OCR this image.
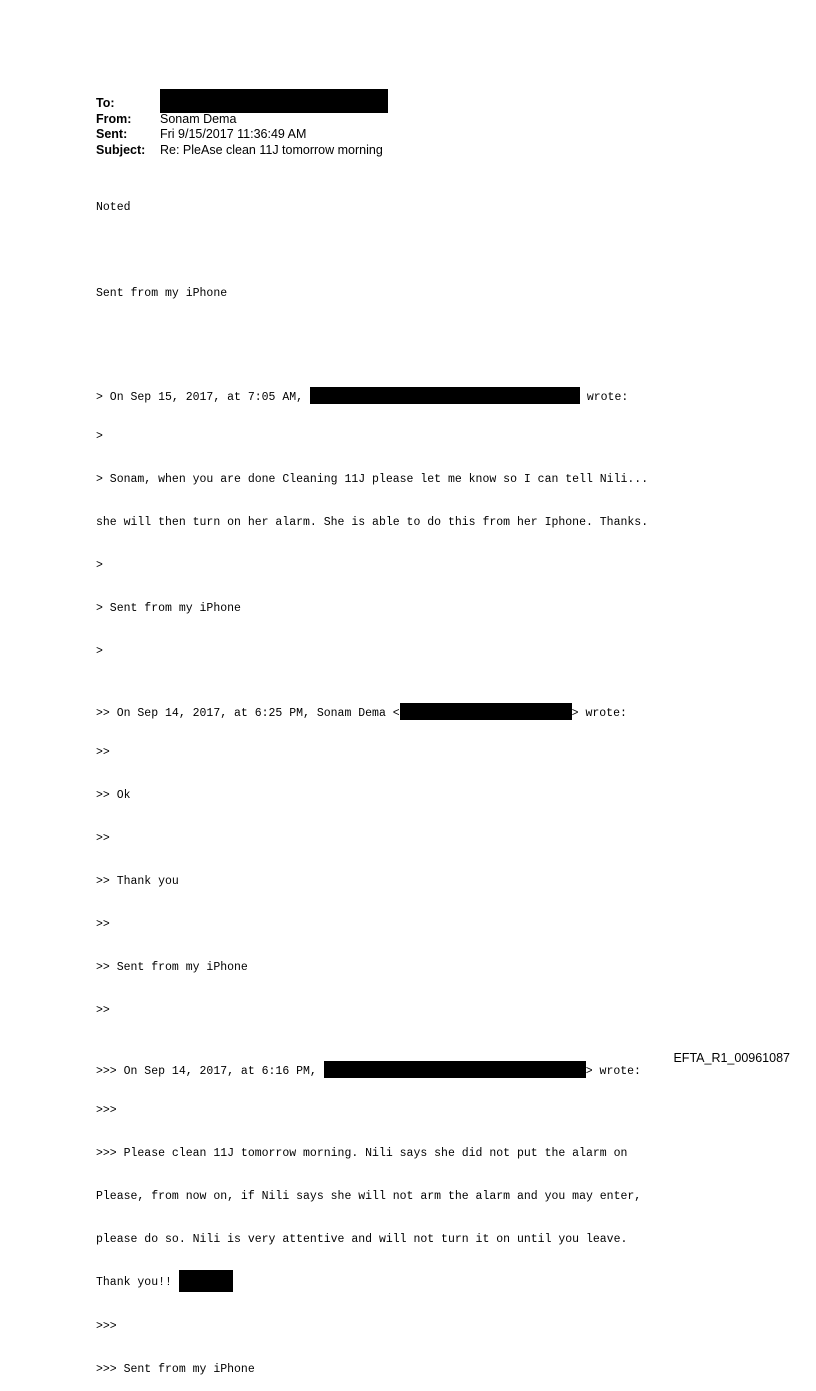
To:
From:	Sonam Dema
Sent:	Fri 9/15/2017 11:36:49 AM
Subject:	Re: PleAse clean 11J tomorrow morning

Noted

Sent from my iPhone

> On Sep 15, 2017, at 7:05 AM,	wrote:

>

> Sonam, when you are done Cleaning 11J please let me know so I can tell Nili...

she will then turn on her alarm. She is able to do this from her Iphone. Thanks.

>

> Sent from my iPhone

>

>> On Sep 14, 2017, at 6:25 PM, Sonam Dema <	> wrote:

>>

>> Ok

>>

>> Thank you

>>

>> Sent from my iPhone

>>

>>> On Sep 14, 2017, at 6:16 PM,	> wrote:

>>>

>>> Please clean 11J tomorrow morning. Nili says she did not put the alarm on

Please, from now on, if Nili says she will not arm the alarm and you may enter,

please do so. Nili is very attentive and will not turn it on until you leave.

Thank you!!

>>>

>>> Sent from my iPhone

EFTA_R1_00961087
